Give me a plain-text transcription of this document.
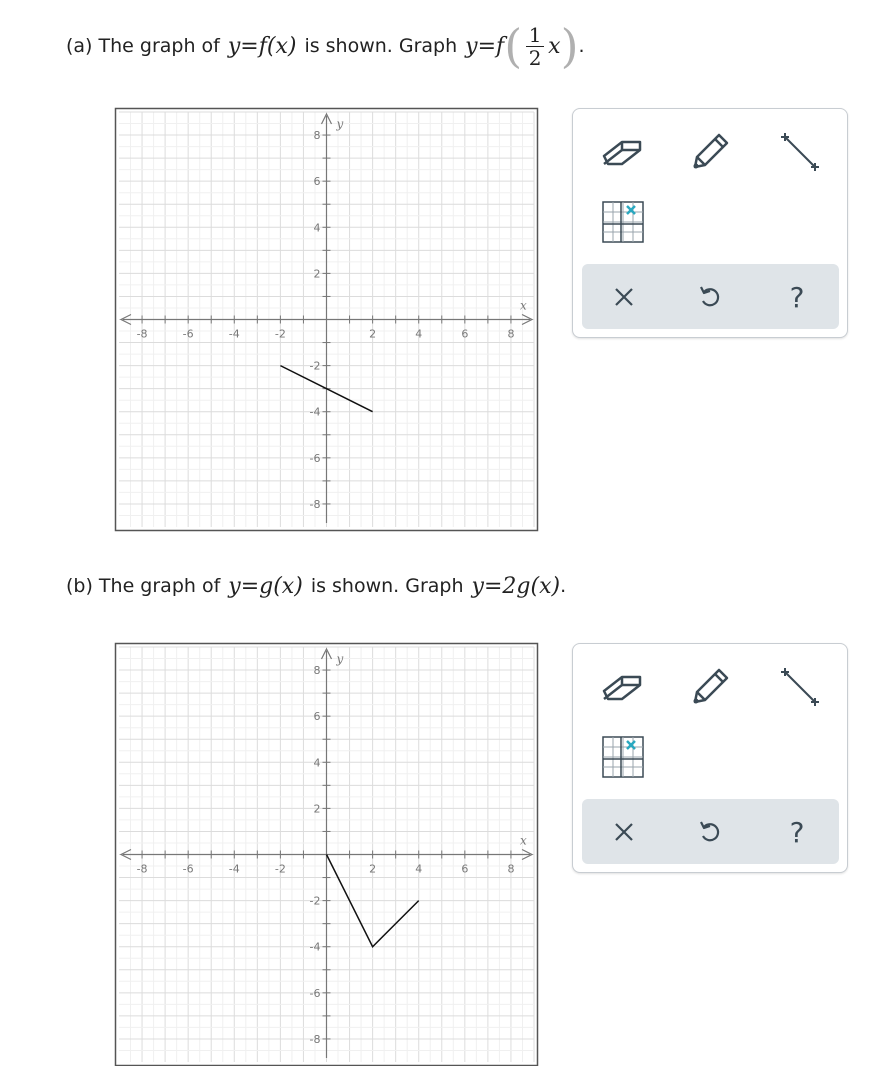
(a) The graph of y=f(x) is shown. Graph y=f ( $\frac{1}{2}$ x ) .
-8	-6	-4	-2	2	4	6	8
8
6
4
2
-2
-4
-6
-8
x
y
?
(b) The graph of y=g(x) is shown. Graph y=2g(x) .
-8	-6	-4	-2	2	4	6	8
8
6
4
2
-2
-4
-6
-8
x
y
?
